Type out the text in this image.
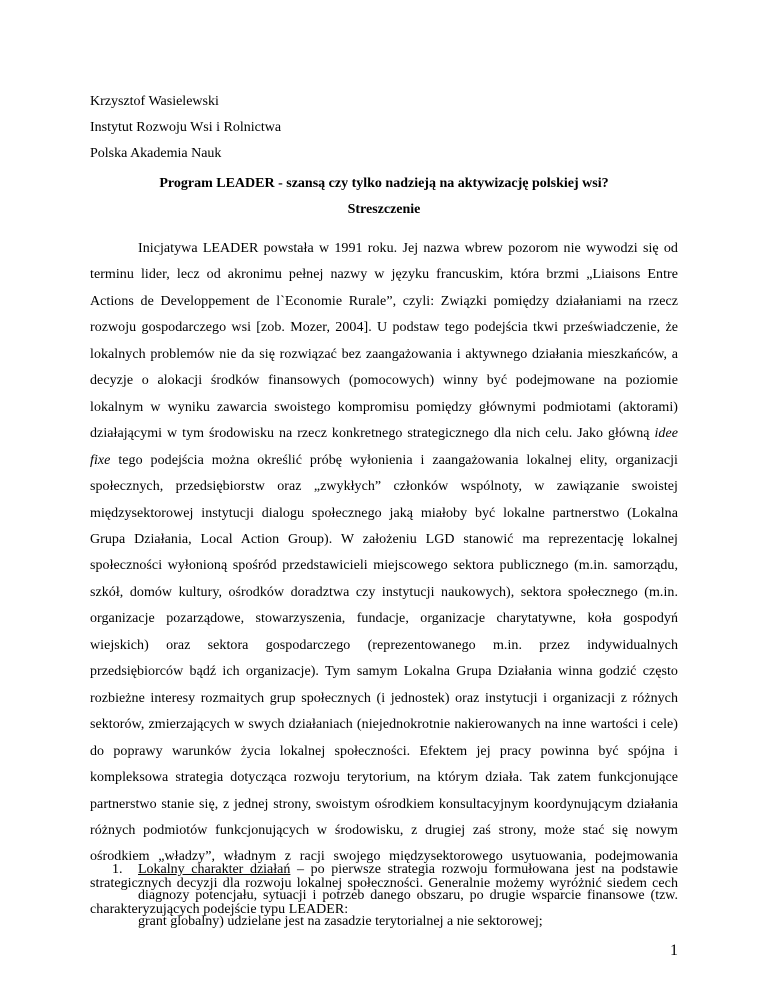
Krzysztof Wasielewski
Instytut Rozwoju Wsi i Rolnictwa
Polska Akademia Nauk
Program LEADER - szansą czy tylko nadzieją na aktywizację polskiej wsi?
Streszczenie

Inicjatywa LEADER powstała w 1991 roku. Jej nazwa wbrew pozorom nie wywodzi się od terminu lider, lecz od akronimu pełnej nazwy w języku francuskim, która brzmi „Liaisons Entre Actions de Developpement de l`Economie Rurale”, czyli: Związki pomiędzy działaniami na rzecz rozwoju gospodarczego wsi [zob. Mozer, 2004]. U podstaw tego podejścia tkwi przeświadczenie, że lokalnych problemów nie da się rozwiązać bez zaangażowania i aktywnego działania mieszkańców, a decyzje o alokacji środków finansowych (pomocowych) winny być podejmowane na poziomie lokalnym w wyniku zawarcia swoistego kompromisu pomiędzy głównymi podmiotami (aktorami) działającymi w tym środowisku na rzecz konkretnego strategicznego dla nich celu. Jako główną idee fixe tego podejścia można określić próbę wyłonienia i zaangażowania lokalnej elity, organizacji społecznych, przedsiębiorstw oraz „zwykłych” członków wspólnoty, w zawiązanie swoistej międzysektorowej instytucji dialogu społecznego jaką miałoby być lokalne partnerstwo (Lokalna Grupa Działania, Local Action Group). W założeniu LGD stanowić ma reprezentację lokalnej społeczności wyłonioną spośród przedstawicieli miejscowego sektora publicznego (m.in. samorządu, szkół, domów kultury, ośrodków doradztwa czy instytucji naukowych), sektora społecznego (m.in. organizacje pozarządowe, stowarzyszenia, fundacje, organizacje charytatywne, koła gospodyń wiejskich) oraz sektora gospodarczego (reprezentowanego m.in. przez indywidualnych przedsiębiorców bądź ich organizacje). Tym samym Lokalna Grupa Działania winna godzić często rozbieżne interesy rozmaitych grup społecznych (i jednostek) oraz instytucji i organizacji z różnych sektorów, zmierzających w swych działaniach (niejednokrotnie nakierowanych na inne wartości i cele) do poprawy warunków życia lokalnej społeczności. Efektem jej pracy powinna być spójna i kompleksowa strategia dotycząca rozwoju terytorium, na którym działa. Tak zatem funkcjonujące partnerstwo stanie się, z jednej strony, swoistym ośrodkiem konsultacyjnym koordynującym działania różnych podmiotów funkcjonujących w środowisku, z drugiej zaś strony, może stać się nowym ośrodkiem „władzy”, władnym z racji swojego międzysektorowego usytuowania, podejmowania strategicznych decyzji dla rozwoju lokalnej społeczności. Generalnie możemy wyróżnić siedem cech charakteryzujących podejście typu LEADER:

1. Lokalny charakter działań – po pierwsze strategia rozwoju formułowana jest na podstawie diagnozy potencjału, sytuacji i potrzeb danego obszaru, po drugie wsparcie finansowe (tzw. grant globalny) udzielane jest na zasadzie terytorialnej a nie sektorowej;
1
